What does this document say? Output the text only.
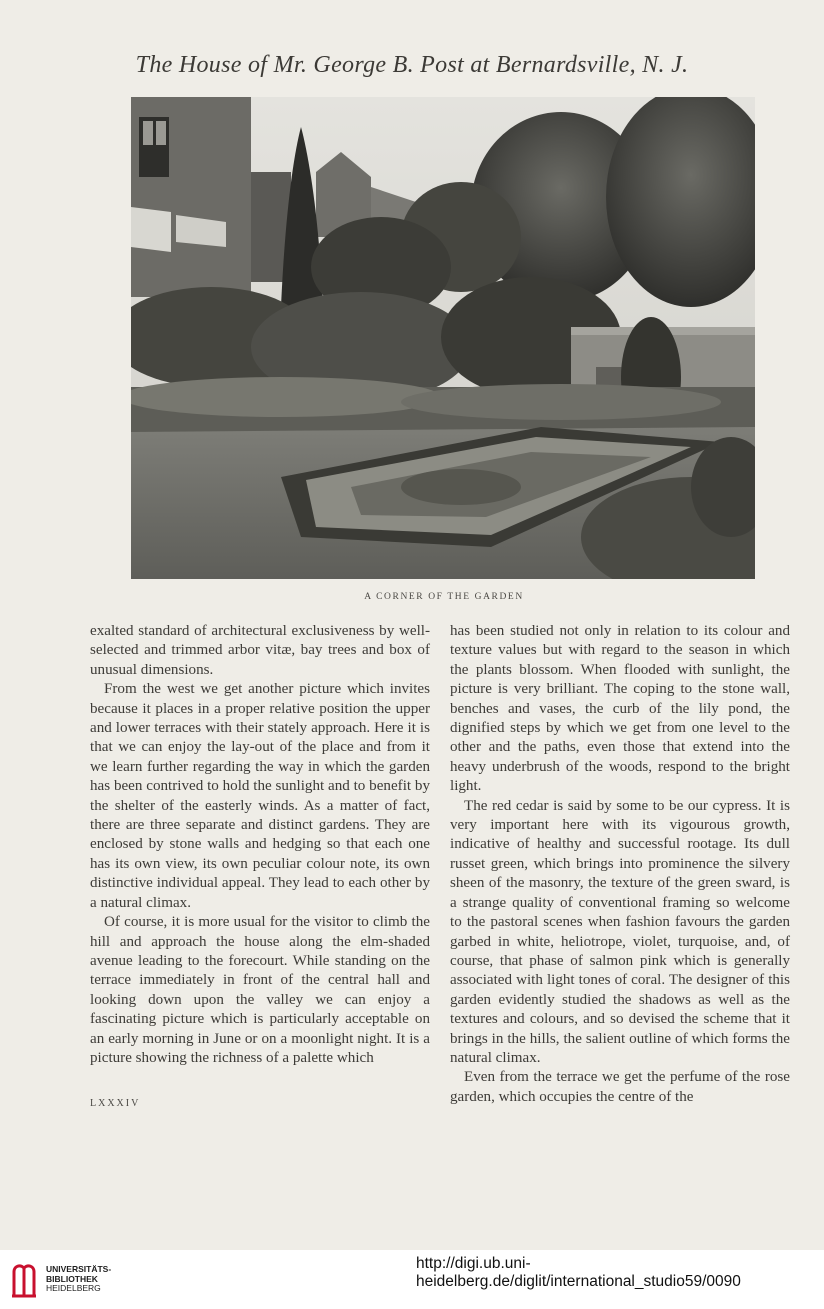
The House of Mr. George B. Post at Bernardsville, N. J.
A CORNER OF THE GARDEN

exalted standard of architectural exclusiveness by well-selected and trimmed arbor vitæ, bay trees and box of unusual dimensions.

From the west we get another picture which invites because it places in a proper relative position the upper and lower terraces with their stately approach. Here it is that we can enjoy the lay-out of the place and from it we learn further regarding the way in which the garden has been contrived to hold the sunlight and to benefit by the shelter of the easterly winds. As a matter of fact, there are three separate and distinct gardens. They are enclosed by stone walls and hedging so that each one has its own view, its own peculiar colour note, its own distinctive individual appeal. They lead to each other by a natural climax.

Of course, it is more usual for the visitor to climb the hill and approach the house along the elm-shaded avenue leading to the forecourt. While standing on the terrace immediately in front of the central hall and looking down upon the valley we can enjoy a fascinating picture which is particularly acceptable on an early morning in June or on a moonlight night. It is a picture showing the richness of a palette which

has been studied not only in relation to its colour and texture values but with regard to the season in which the plants blossom. When flooded with sunlight, the picture is very brilliant. The coping to the stone wall, benches and vases, the curb of the lily pond, the dignified steps by which we get from one level to the other and the paths, even those that extend into the heavy underbrush of the woods, respond to the bright light.

The red cedar is said by some to be our cypress. It is very important here with its vigourous growth, indicative of healthy and successful rootage. Its dull russet green, which brings into prominence the silvery sheen of the masonry, the texture of the green sward, is a strange quality of conventional framing so welcome to the pastoral scenes when fashion favours the garden garbed in white, heliotrope, violet, turquoise, and, of course, that phase of salmon pink which is generally associated with light tones of coral. The designer of this garden evidently studied the shadows as well as the textures and colours, and so devised the scheme that it brings in the hills, the salient outline of which forms the natural climax.

Even from the terrace we get the perfume of the rose garden, which occupies the centre of the

LXXXIV
UNIVERSITÄTS-
BIBLIOTHEK
HEIDELBERG
http://digi.ub.uni-heidelberg.de/diglit/international_studio59/0090
